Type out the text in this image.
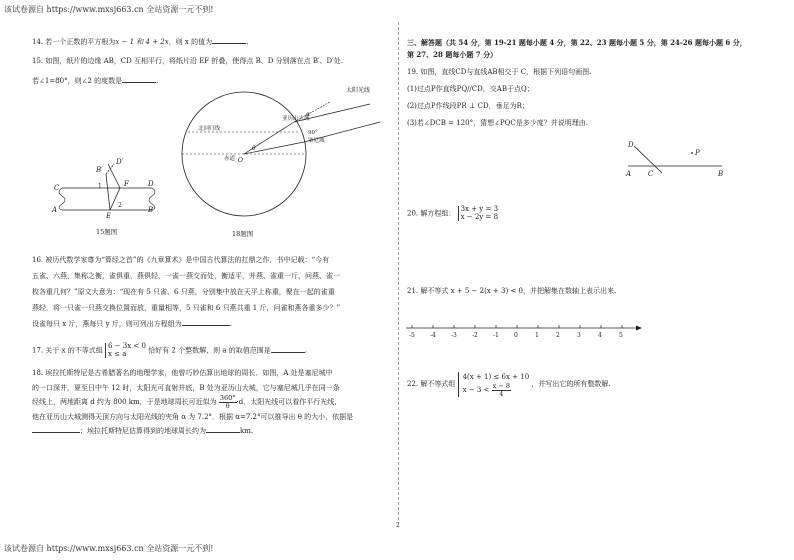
该试卷源自 https://www.mxsj663.cn 全站资源一元不到!
该试卷源自 https://www.mxsj663.cn 全站资源一元不到!
2
14. 若一个正数的平方根为x − 1 和 4 + 2x，则 x 的值为	.
15. 如图，纸片的边缘 AB，CD 互相平行，将纸片沿 EF 折叠，使得点 B、D 分别落在点 B′、D′处.
若∠1=80°，则∠2 的度数是	.
B′
D′
C	1	F	D
A
E
2
B
15题图
太阳光线
亚历山大城
北回归线
赤道
θ
O
α
塞尼城
90°
18题图
16. 被历代数学家尊为“算经之首”的《九章算术》是中国古代算法的扛鼎之作．书中记载：“今有
五雀、六燕，集称之衡，雀俱重，燕俱轻，一雀一燕交而处，衡适平，并燕、雀重一斤，问燕、雀一
枚各重几何？”原文大意为：“现在有 5 只雀、6 只燕，分别集中放在天平上称重，聚在一起的雀重
燕轻．将一只雀一只燕交换位置而放，重量相等，5 只雀和 6 只燕共重 1 斤，问雀和燕各重多少？”
设雀每只 x 斤，燕每只 y 斤，则可列出方程组为	.
17. 关于 x 的不等式组
6 − 3x < 0
x ≤ a	恰好有 2 个整数解，则 a 的取值范围是	.
18. 埃拉托斯特尼是古希腊著名的地理学家，他曾巧妙估算出地球的周长．如图，A 处是塞尼城中
的一口深井，夏至日中午 12 时，太阳光可直射井底，B 处为亚历山大城，它与塞尼城几乎在同一条
经线上，两地距离 d 约为 800 km，于是地球周长可近似为 $\frac{360^\circ}{\theta} \cdot d$．太阳光线可以看作平行光线，
他在亚历山大城测得天顶方向与太阳光线的夹角 α 为 7.2°．根据 α=7.2°可以推导出 θ 的大小，依据是
；埃拉托斯特尼估算得到的地球周长约为	km.
三、解答题（共 54 分，第 19-21 题每小题 4 分，第 22、23 题每小题 5 分，第 24-26 题每小题 6 分，
第 27、28 题每小题 7 分）
19. 如图，直线CD与直线AB相交于 C，根据下列语句画图.
(1)过点P作直线PQ//CD，交AB于点Q；
(2)过点P作线段PR ⊥ CD，垂足为R；
(3)若∠DCB = 120°，猜想∠PQC是多少度？并说明理由.
D
P
A C	B
20. 解方程组：
3x + y = 3
x − 2y = 8
21. 解不等式 x + 5 − 2(x + 3) < 0，并把解集在数轴上表示出来.
-5	-4	-3	-2	-1	0	1	2	3	4	5
22. 解不等式组
4(x + 1) ≤ 6x + 10
$x - 3 < \frac{x - 8}{4}$	，并写出它的所有整数解.
